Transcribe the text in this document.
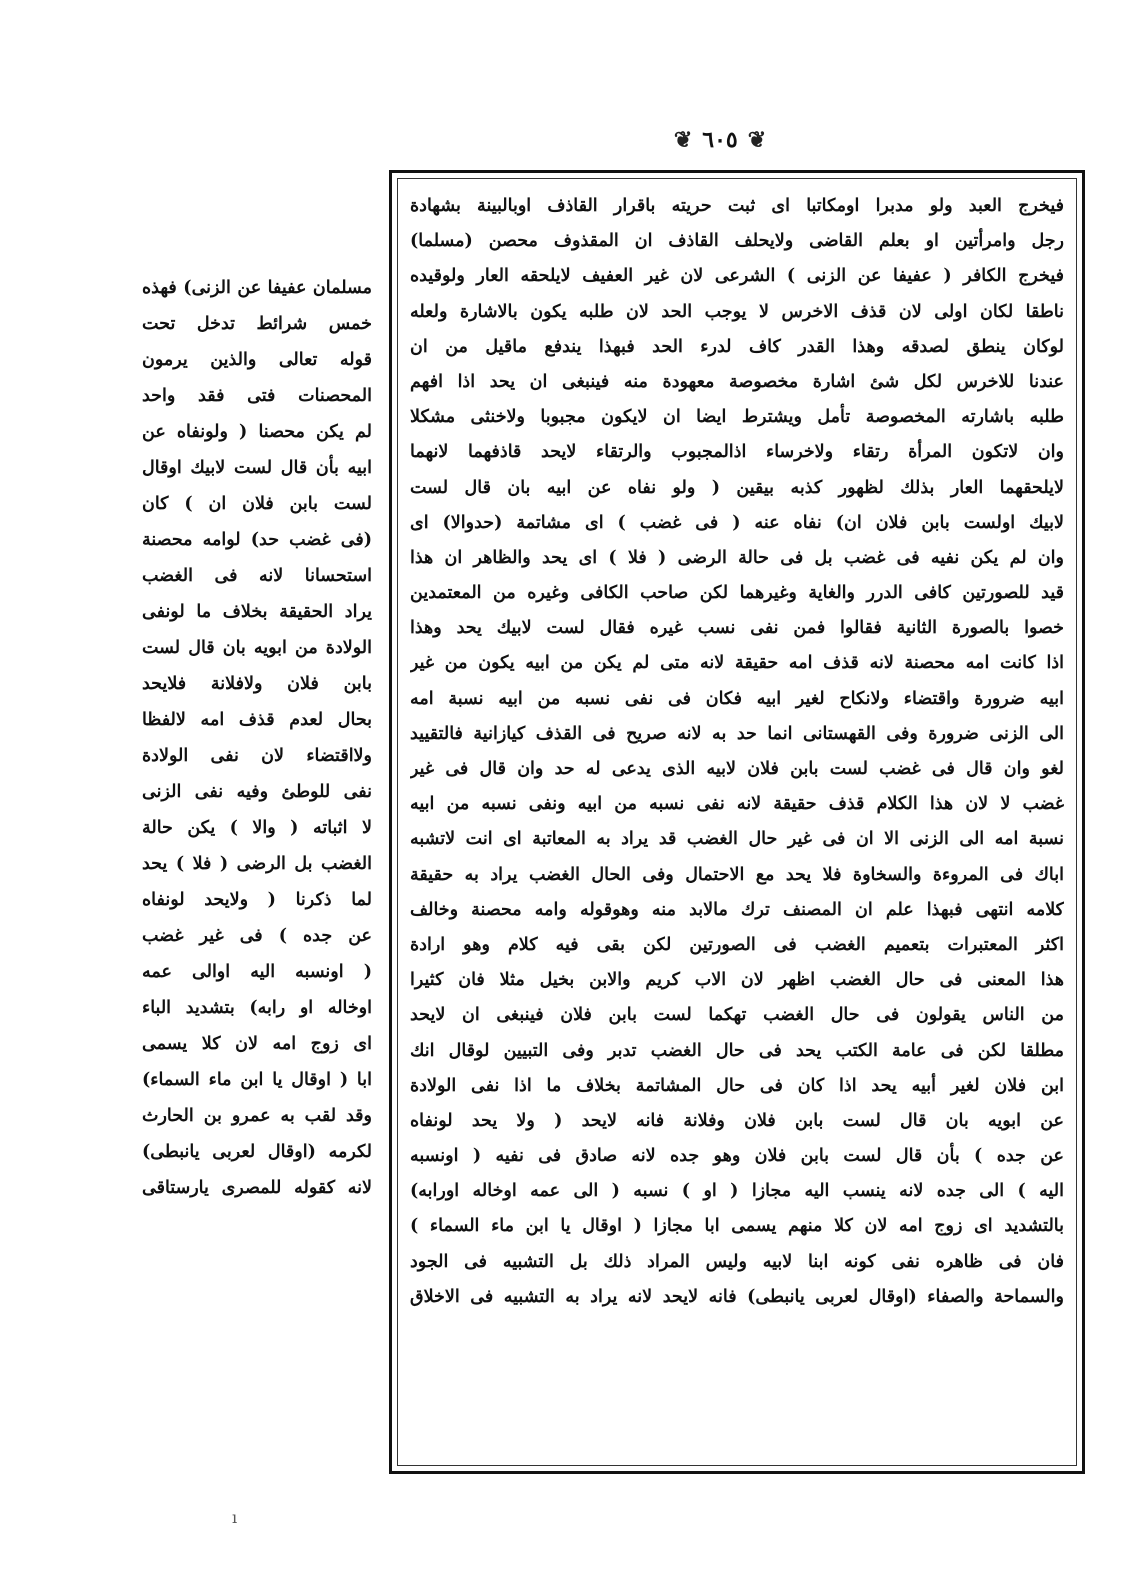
❦ ٦٠٥ ❦
فيخرج العبد ولو مدبرا اومكاتبا اى ثبت حريته باقرار القاذف اوبالبينة بشهادة
رجل وامرأتين او بعلم القاضى ولايحلف القاذف ان المقذوف محصن (مسلما)
فيخرج الكافر ( عفيفا عن الزنى ) الشرعى لان غير العفيف لايلحقه العار ولوقيده
ناطقا لكان اولى لان قذف الاخرس لا يوجب الحد لان طلبه يكون بالاشارة ولعله
لوكان ينطق لصدقه وهذا القدر كاف لدرء الحد فبهذا يندفع ماقيل من ان
عندنا للاخرس لكل شئ اشارة مخصوصة معهودة منه فينبغى ان يحد اذا افهم
طلبه باشارته المخصوصة تأمل ويشترط ايضا ان لايكون مجبوبا ولاخنثى مشكلا
وان لاتكون المرأة رتقاء ولاخرساء اذالمجبوب والرتقاء لايحد قاذفهما لانهما
لايلحقهما العار بذلك لظهور كذبه بيقين ( ولو نفاه عن ابيه بان قال لست
لابيك اولست بابن فلان ان) نفاه عنه ( فى غضب ) اى مشاتمة (حدوالا) اى
وان لم يكن نفيه فى غضب بل فى حالة الرضى ( فلا ) اى يحد والظاهر ان هذا
قيد للصورتين كافى الدرر والغاية وغيرهما لكن صاحب الكافى وغيره من المعتمدين
خصوا بالصورة الثانية فقالوا فمن نفى نسب غيره فقال لست لابيك يحد وهذا
اذا كانت امه محصنة لانه قذف امه حقيقة لانه متى لم يكن من ابيه يكون من غير
ابيه ضرورة واقتضاء ولانكاح لغير ابيه فكان فى نفى نسبه من ابيه نسبة امه
الى الزنى ضرورة وفى القهستانى انما حد به لانه صريح فى القذف كيازانية فالتقييد
لغو وان قال فى غضب لست بابن فلان لابيه الذى يدعى له حد وان قال فى غير
غضب لا لان هذا الكلام قذف حقيقة لانه نفى نسبه من ابيه ونفى نسبه من ابيه
نسبة امه الى الزنى الا ان فى غير حال الغضب قد يراد به المعاتبة اى انت لاتشبه
اباك فى المروءة والسخاوة فلا يحد مع الاحتمال وفى الحال الغضب يراد به حقيقة
كلامه انتهى فبهذا علم ان المصنف ترك مالابد منه وهوقوله وامه محصنة وخالف
اكثر المعتبرات بتعميم الغضب فى الصورتين لكن بقى فيه كلام وهو ارادة
هذا المعنى فى حال الغضب اظهر لان الاب كريم والابن بخيل مثلا فان كثيرا
من الناس يقولون فى حال الغضب تهكما لست بابن فلان فينبغى ان لايحد
مطلقا لكن فى عامة الكتب يحد فى حال الغضب تدبر وفى التبيين لوقال انك
ابن فلان لغير أبيه يحد اذا كان فى حال المشاتمة بخلاف ما اذا نفى الولادة
عن ابويه بان قال لست بابن فلان وفلانة فانه لايحد ( ولا يحد لونفاه
عن جده ) بأن قال لست بابن فلان وهو جده لانه صادق فى نفيه ( اونسبه
اليه ) الى جده لانه ينسب اليه مجازا ( او ) نسبه ( الى عمه اوخاله اورابه)
بالتشديد اى زوج امه لان كلا منهم يسمى ابا مجازا ( اوقال يا ابن ماء السماء )
فان فى ظاهره نفى كونه ابنا لابيه وليس المراد ذلك بل التشبيه فى الجود
والسماحة والصفاء (اوقال لعربى يانبطى) فانه لايحد لانه يراد به التشبيه فى الاخلاق
مسلمان عفيفا عن الزنى) فهذه
خمس شرائط تدخل تحت
قوله تعالى والذين يرمون
المحصنات فتى فقد واحد
لم يكن محصنا ( ولونفاه عن
ابيه بأن قال لست لابيك اوقال
لست بابن فلان ان ) كان
(فى غضب حد) لوامه محصنة
استحسانا لانه فى الغضب
يراد الحقيقة بخلاف ما لونفى
الولادة من ابويه بان قال لست
بابن فلان ولافلانة فلايحد
بحال لعدم قذف امه لالفظا
ولااقتضاء لان نفى الولادة
نفى للوطئ وفيه نفى الزنى
لا اثباته ( والا ) يكن حالة
الغضب بل الرضى ( فلا ) يحد
لما ذكرنا ( ولايحد لونفاه
عن جده ) فى غير غضب
( اونسبه اليه اوالى عمه
اوخاله او رابه) بتشديد الباء
اى زوج امه لان كلا يسمى
ابا ( اوقال يا ابن ماء السماء)
وقد لقب به عمرو بن الحارث
لكرمه (اوقال لعربى يانبطى)
لانه كقوله للمصرى يارستاقى
ı
